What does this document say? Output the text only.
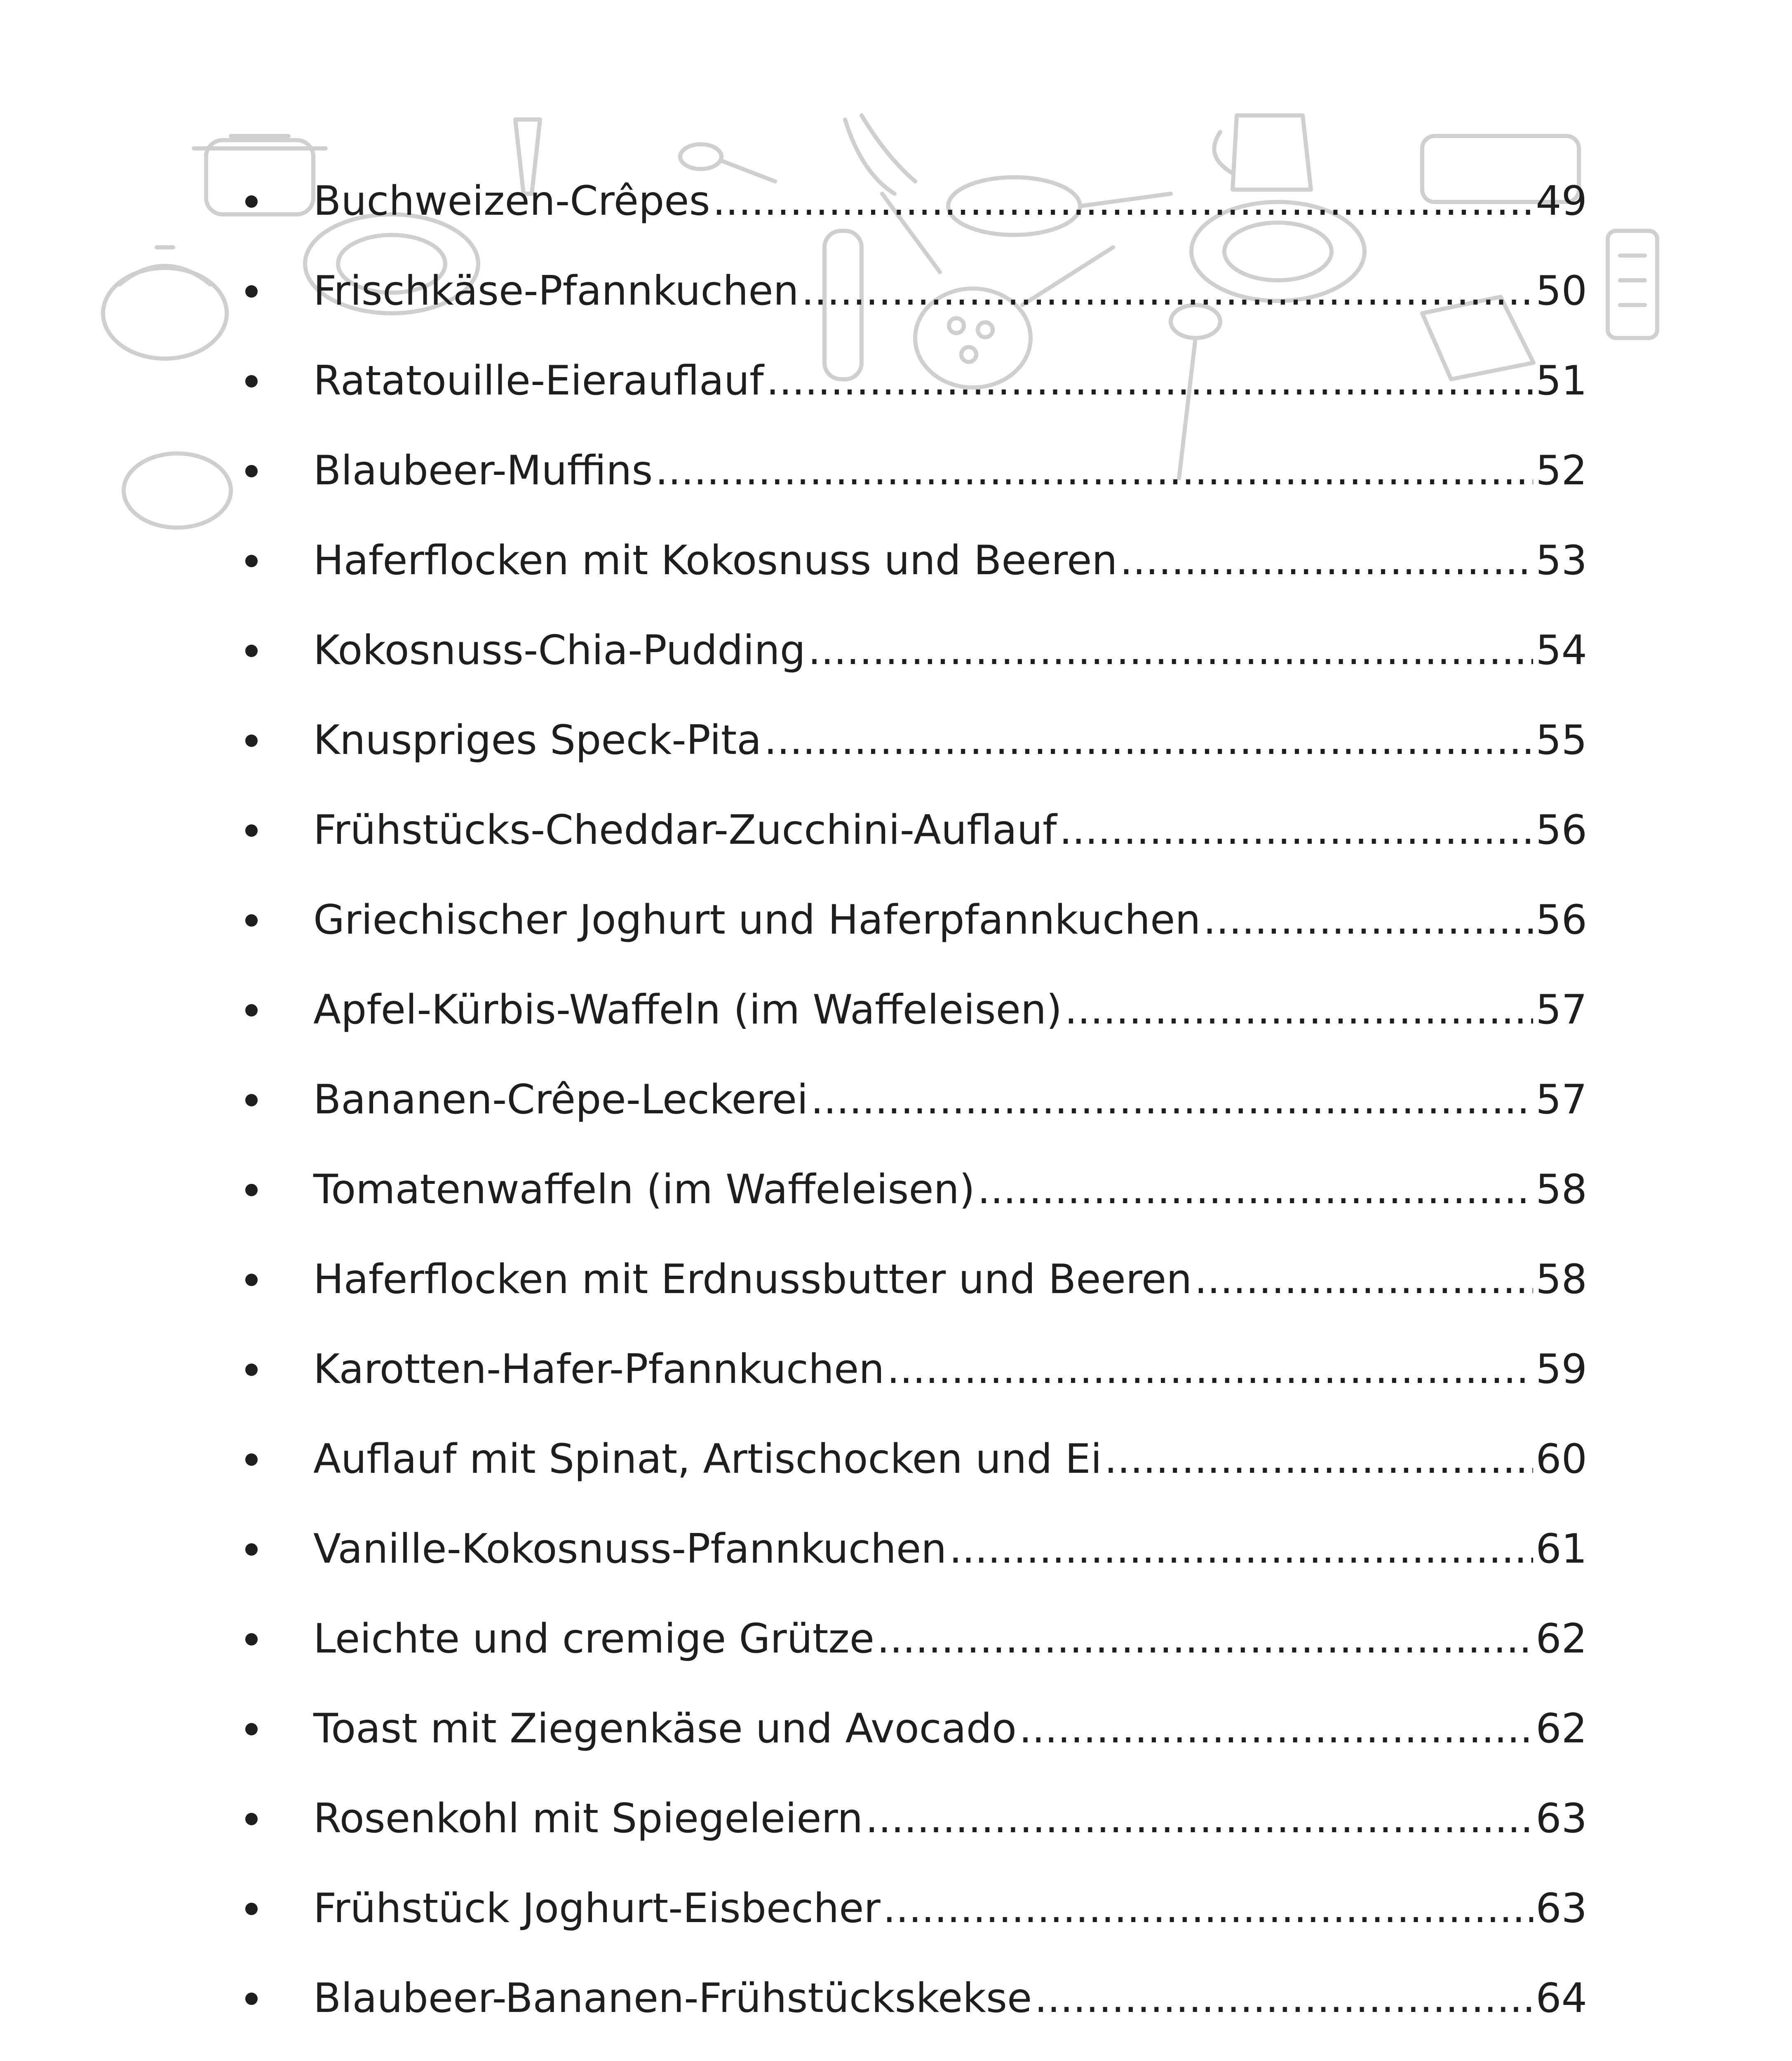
Buchweizen-Crêpes .....	49
Frischkäse-Pfannkuchen .....	50
Ratatouille-Eierauflauf .....	51
Blaubeer-Muffins .....	52
Haferflocken mit Kokosnuss und Beeren .....	53
Kokosnuss-Chia-Pudding .....	54
Knuspriges Speck-Pita .....	55
Frühstücks-Cheddar-Zucchini-Auflauf .....	56
Griechischer Joghurt und Haferpfannkuchen .....	56
Apfel-Kürbis-Waffeln (im Waffeleisen) .....	57
Bananen-Crêpe-Leckerei .....	57
Tomatenwaffeln (im Waffeleisen) .....	58
Haferflocken mit Erdnussbutter und Beeren .....	58
Karotten-Hafer-Pfannkuchen .....	59
Auflauf mit Spinat, Artischocken und Ei .....	60
Vanille-Kokosnuss-Pfannkuchen .....	61
Leichte und cremige Grütze .....	62
Toast mit Ziegenkäse und Avocado .....	62
Rosenkohl mit Spiegeleiern .....	63
Frühstück Joghurt-Eisbecher .....	63
Blaubeer-Bananen-Frühstückskekse .....	64
